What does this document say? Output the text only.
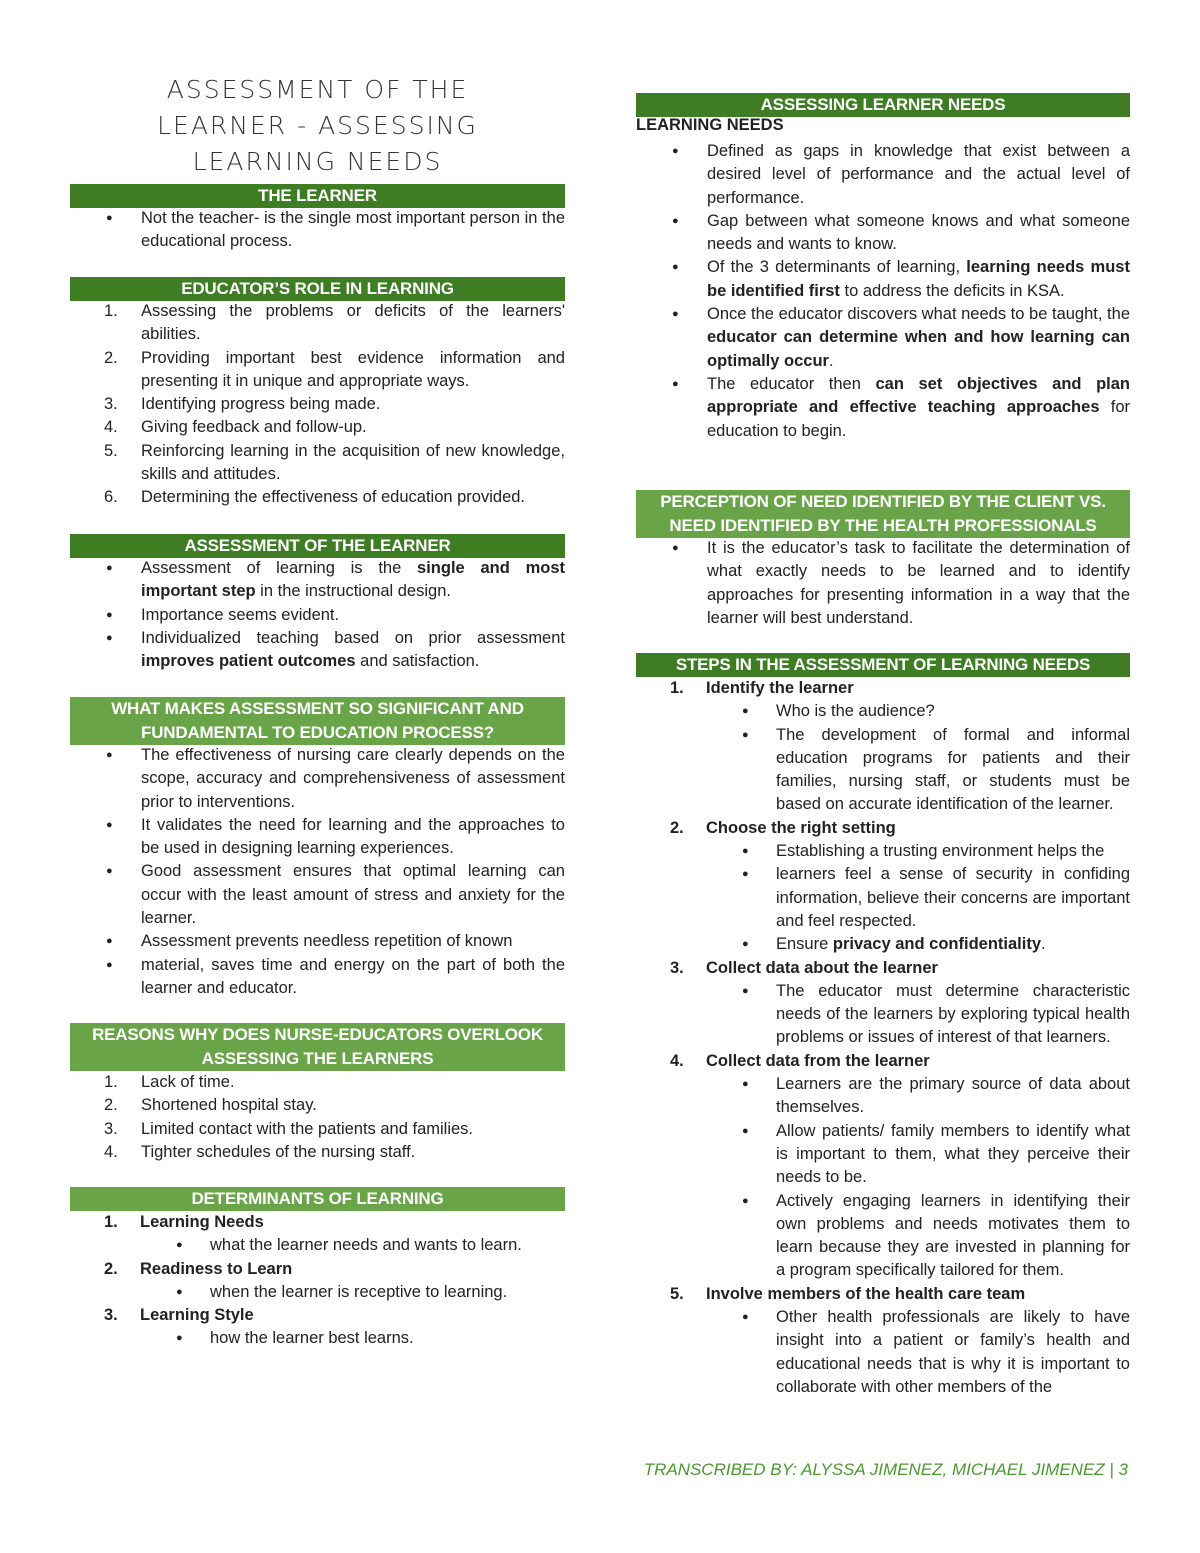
ASSESSMENT OF THE
LEARNER - ASSESSING
LEARNING NEEDS
THE LEARNER
● Not the teacher- is the single most important person in the educational process.
EDUCATOR’S ROLE IN LEARNING
1. Assessing the problems or deficits of the learners' abilities.
2. Providing important best evidence information and presenting it in unique and appropriate ways.
3. Identifying progress being made.
4. Giving feedback and follow-up.
5. Reinforcing learning in the acquisition of new knowledge, skills and attitudes.
6. Determining the effectiveness of education provided.
ASSESSMENT OF THE LEARNER
● Assessment of learning is the single and most important step in the instructional design.
● Importance seems evident.
● Individualized teaching based on prior assessment improves patient outcomes and satisfaction.
WHAT MAKES ASSESSMENT SO SIGNIFICANT AND
FUNDAMENTAL TO EDUCATION PROCESS?
● The effectiveness of nursing care clearly depends on the scope, accuracy and comprehensiveness of assessment prior to interventions.
● It validates the need for learning and the approaches to be used in designing learning experiences.
● Good assessment ensures that optimal learning can occur with the least amount of stress and anxiety for the learner.
● Assessment prevents needless repetition of known
● material, saves time and energy on the part of both the learner and educator.
REASONS WHY DOES NURSE-EDUCATORS OVERLOOK
ASSESSING THE LEARNERS
1. Lack of time.
2. Shortened hospital stay.
3. Limited contact with the patients and families.
4. Tighter schedules of the nursing staff.
DETERMINANTS OF LEARNING
1. Learning Needs
● what the learner needs and wants to learn.
2. Readiness to Learn
● when the learner is receptive to learning.
3. Learning Style
● how the learner best learns.
ASSESSING LEARNER NEEDS
LEARNING NEEDS
● Defined as gaps in knowledge that exist between a desired level of performance and the actual level of performance.
● Gap between what someone knows and what someone needs and wants to know.
● Of the 3 determinants of learning, learning needs must be identified first to address the deficits in KSA.
● Once the educator discovers what needs to be taught, the educator can determine when and how learning can optimally occur.
● The educator then can set objectives and plan appropriate and effective teaching approaches for education to begin.
PERCEPTION OF NEED IDENTIFIED BY THE CLIENT VS.
NEED IDENTIFIED BY THE HEALTH PROFESSIONALS
● It is the educator’s task to facilitate the determination of what exactly needs to be learned and to identify approaches for presenting information in a way that the learner will best understand.
STEPS IN THE ASSESSMENT OF LEARNING NEEDS
1. Identify the learner
● Who is the audience?
● The development of formal and informal education programs for patients and their families, nursing staff, or students must be based on accurate identification of the learner.
2. Choose the right setting
● Establishing a trusting environment helps the
● learners feel a sense of security in confiding information, believe their concerns are important and feel respected.
● Ensure privacy and confidentiality.
3. Collect data about the learner
● The educator must determine characteristic needs of the learners by exploring typical health problems or issues of interest of that learners.
4. Collect data from the learner
● Learners are the primary source of data about themselves.
● Allow patients/ family members to identify what is important to them, what they perceive their needs to be.
● Actively engaging learners in identifying their own problems and needs motivates them to learn because they are invested in planning for a program specifically tailored for them.
5. Involve members of the health care team
● Other health professionals are likely to have insight into a patient or family’s health and educational needs that is why it is important to collaborate with other members of the
TRANSCRIBED BY: ALYSSA JIMENEZ, MICHAEL JIMENEZ | 3
